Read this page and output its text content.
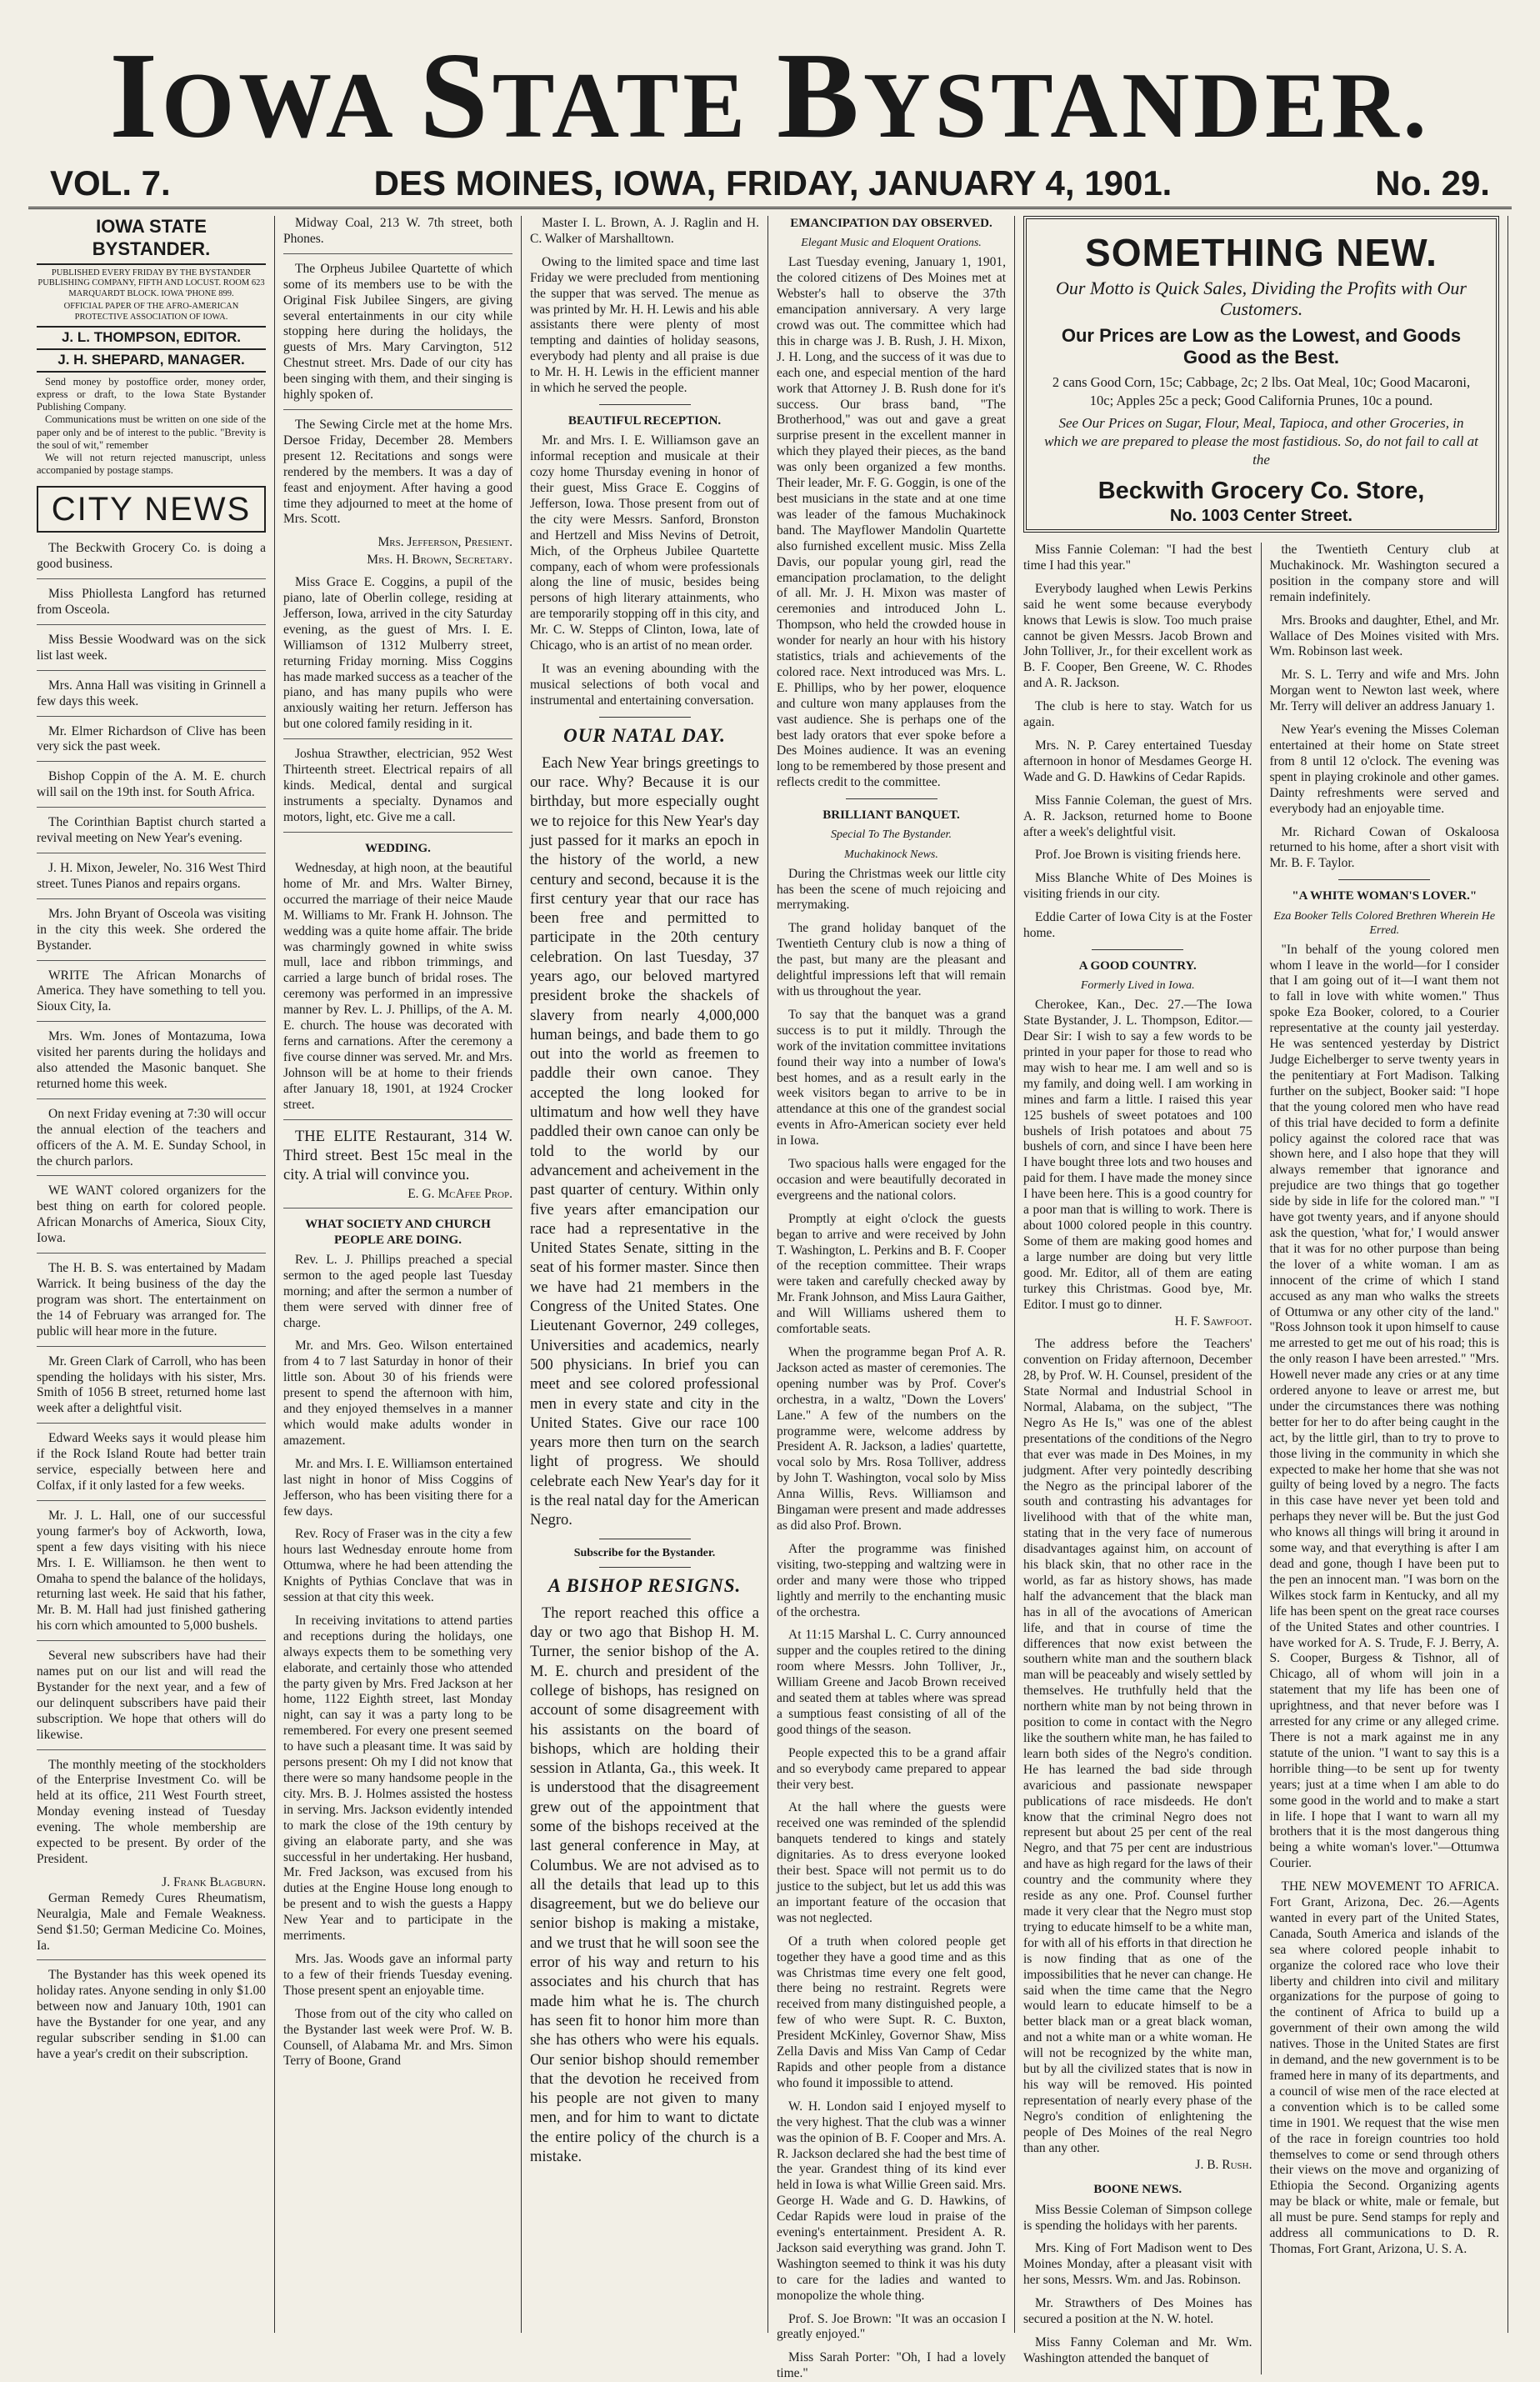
IOWA STATE BYSTANDER.
VOL. 7.	DES MOINES, IOWA, FRIDAY, JANUARY 4, 1901.	No. 29.
IOWA STATE BYSTANDER.
PUBLISHED EVERY FRIDAY BY THE BYSTANDER PUBLISHING COMPANY, FIFTH AND LOCUST. ROOM 623 MARQUARDT BLOCK. IOWA 'PHONE 899.
OFFICIAL PAPER OF THE AFRO-AMERICAN PROTECTIVE ASSOCIATION OF IOWA.
J. L. THOMPSON, EDITOR.
J. H. SHEPARD, MANAGER.

Send money by postoffice order, money order, express or draft, to the Iowa State Bystander Publishing Company.

Communications must be written on one side of the paper only and be of interest to the public. "Brevity is the soul of wit," remember

We will not return rejected manuscript, unless accompanied by postage stamps.

CITY NEWS

The Beckwith Grocery Co. is doing a good business.

Miss Phiollesta Langford has returned from Osceola.

Miss Bessie Woodward was on the sick list last week.

Mrs. Anna Hall was visiting in Grinnell a few days this week.

Mr. Elmer Richardson of Clive has been very sick the past week.

Bishop Coppin of the A. M. E. church will sail on the 19th inst. for South Africa.

The Corinthian Baptist church started a revival meeting on New Year's evening.

J. H. Mixon, Jeweler, No. 316 West Third street. Tunes Pianos and repairs organs.

Mrs. John Bryant of Osceola was visiting in the city this week. She ordered the Bystander.

WRITE The African Monarchs of America. They have something to tell you. Sioux City, Ia.

Mrs. Wm. Jones of Montazuma, Iowa visited her parents during the holidays and also attended the Masonic banquet. She returned home this week.

On next Friday evening at 7:30 will occur the annual election of the teachers and officers of the A. M. E. Sunday School, in the church parlors.

WE WANT colored organizers for the best thing on earth for colored people. African Monarchs of America, Sioux City, Iowa.

The H. B. S. was entertained by Madam Warrick. It being business of the day the program was short. The entertainment on the 14 of February was arranged for. The public will hear more in the future.

Mr. Green Clark of Carroll, who has been spending the holidays with his sister, Mrs. Smith of 1056 B street, returned home last week after a delightful visit.

Edward Weeks says it would please him if the Rock Island Route had better train service, especially between here and Colfax, if it only lasted for a few weeks.

Mr. J. L. Hall, one of our successful young farmer's boy of Ackworth, Iowa, spent a few days visiting with his niece Mrs. I. E. Williamson. he then went to Omaha to spend the balance of the holidays, returning last week. He said that his father, Mr. B. M. Hall had just finished gathering his corn which amounted to 5,000 bushels.

Several new subscribers have had their names put on our list and will read the Bystander for the next year, and a few of our delinquent subscribers have paid their subscription. We hope that others will do likewise.

The monthly meeting of the stockholders of the Enterprise Investment Co. will be held at its office, 211 West Fourth street, Monday evening instead of Tuesday evening. The whole membership are expected to be present. By order of the President.

J. Frank Blagburn.

German Remedy Cures Rheumatism, Neuralgia, Male and Female Weakness. Send $1.50; German Medicine Co. Moines, Ia.

The Bystander has this week opened its holiday rates. Anyone sending in only $1.00 between now and January 10th, 1901 can have the Bystander for one year, and any regular subscriber sending in $1.00 can have a year's credit on their subscription.

Midway Coal, 213 W. 7th street, both Phones.

The Orpheus Jubilee Quartette of which some of its members use to be with the Original Fisk Jubilee Singers, are giving several entertainments in our city while stopping here during the holidays, the guests of Mrs. Mary Carvington, 512 Chestnut street. Mrs. Dade of our city has been singing with them, and their singing is highly spoken of.

The Sewing Circle met at the home Mrs. Dersoe Friday, December 28. Members present 12. Recitations and songs were rendered by the members. It was a day of feast and enjoyment. After having a good time they adjourned to meet at the home of Mrs. Scott.

Mrs. Jefferson, Presient.

Mrs. H. Brown, Secretary.

Miss Grace E. Coggins, a pupil of the piano, late of Oberlin college, residing at Jefferson, Iowa, arrived in the city Saturday evening, as the guest of Mrs. I. E. Williamson of 1312 Mulberry street, returning Friday morning. Miss Coggins has made marked success as a teacher of the piano, and has many pupils who were anxiously waiting her return. Jefferson has but one colored family residing in it.

Joshua Strawther, electrician, 952 West Thirteenth street. Electrical repairs of all kinds. Medical, dental and surgical instruments a specialty. Dynamos and motors, light, etc. Give me a call.

WEDDING.

Wednesday, at high noon, at the beautiful home of Mr. and Mrs. Walter Birney, occurred the marriage of their neice Maude M. Williams to Mr. Frank H. Johnson. The wedding was a quite home affair. The bride was charmingly gowned in white swiss mull, lace and ribbon trimmings, and carried a large bunch of bridal roses. The ceremony was performed in an impressive manner by Rev. L. J. Phillips, of the A. M. E. church. The house was decorated with ferns and carnations. After the ceremony a five course dinner was served. Mr. and Mrs. Johnson will be at home to their friends after January 18, 1901, at 1924 Crocker street.

THE ELITE Restaurant, 314 W. Third street. Best 15c meal in the city. A trial will convince you.

E. G. McAfee Prop.

WHAT SOCIETY AND CHURCH PEOPLE ARE DOING.

Rev. L. J. Phillips preached a special sermon to the aged people last Tuesday morning; and after the sermon a number of them were served with dinner free of charge.

Mr. and Mrs. Geo. Wilson entertained from 4 to 7 last Saturday in honor of their little son. About 30 of his friends were present to spend the afternoon with him, and they enjoyed themselves in a manner which would make adults wonder in amazement.

Mr. and Mrs. I. E. Williamson entertained last night in honor of Miss Coggins of Jefferson, who has been visiting there for a few days.

Rev. Rocy of Fraser was in the city a few hours last Wednesday enroute home from Ottumwa, where he had been attending the Knights of Pythias Conclave that was in session at that city this week.

In receiving invitations to attend parties and receptions during the holidays, one always expects them to be something very elaborate, and certainly those who attended the party given by Mrs. Fred Jackson at her home, 1122 Eighth street, last Monday night, can say it was a party long to be remembered. For every one present seemed to have such a pleasant time. It was said by persons present: Oh my I did not know that there were so many handsome people in the city. Mrs. B. J. Holmes assisted the hostess in serving. Mrs. Jackson evidently intended to mark the close of the 19th century by giving an elaborate party, and she was successful in her undertaking. Her husband, Mr. Fred Jackson, was excused from his duties at the Engine House long enough to be present and to wish the guests a Happy New Year and to participate in the merriments.

Mrs. Jas. Woods gave an informal party to a few of their friends Tuesday evening. Those present spent an enjoyable time.

Those from out of the city who called on the Bystander last week were Prof. W. B. Counsell, of Alabama Mr. and Mrs. Simon Terry of Boone, Grand

Master I. L. Brown, A. J. Raglin and H. C. Walker of Marshalltown.

Owing to the limited space and time last Friday we were precluded from mentioning the supper that was served. The menue as was printed by Mr. H. H. Lewis and his able assistants there were plenty of most tempting and dainties of holiday seasons, everybody had plenty and all praise is due to Mr. H. H. Lewis in the efficient manner in which he served the people.

BEAUTIFUL RECEPTION.

Mr. and Mrs. I. E. Williamson gave an informal reception and musicale at their cozy home Thursday evening in honor of their guest, Miss Grace E. Coggins of Jefferson, Iowa. Those present from out of the city were Messrs. Sanford, Bronston and Hertzell and Miss Nevins of Detroit, Mich, of the Orpheus Jubilee Quartette company, each of whom were professionals along the line of music, besides being persons of high literary attainments, who are temporarily stopping off in this city, and Mr. C. W. Stepps of Clinton, Iowa, late of Chicago, who is an artist of no mean order.

It was an evening abounding with the musical selections of both vocal and instrumental and entertaining conversation.

OUR NATAL DAY.

Each New Year brings greetings to our race. Why? Because it is our birthday, but more especially ought we to rejoice for this New Year's day just passed for it marks an epoch in the history of the world, a new century and second, because it is the first century year that our race has been free and permitted to participate in the 20th century celebration. On last Tuesday, 37 years ago, our beloved martyred president broke the shackels of slavery from nearly 4,000,000 human beings, and bade them to go out into the world as freemen to paddle their own canoe. They accepted the long looked for ultimatum and how well they have paddled their own canoe can only be told to the world by our advancement and acheivement in the past quarter of century. Within only five years after emancipation our race had a representative in the United States Senate, sitting in the seat of his former master. Since then we have had 21 members in the Congress of the United States. One Lieutenant Governor, 249 colleges, Universities and academics, nearly 500 physicians. In brief you can meet and see colored professional men in every state and city in the United States. Give our race 100 years more then turn on the search light of progress. We should celebrate each New Year's day for it is the real natal day for the American Negro.

Subscribe for the Bystander.

A BISHOP RESIGNS.

The report reached this office a day or two ago that Bishop H. M. Turner, the senior bishop of the A. M. E. church and president of the college of bishops, has resigned on account of some disagreement with his assistants on the board of bishops, which are holding their session in Atlanta, Ga., this week. It is understood that the disagreement grew out of the appointment that some of the bishops received at the last general conference in May, at Columbus. We are not advised as to all the details that lead up to this disagreement, but we do believe our senior bishop is making a mistake, and we trust that he will soon see the error of his way and return to his associates and his church that has made him what he is. The church has seen fit to honor him more than she has others who were his equals. Our senior bishop should remember that the devotion he received from his people are not given to many men, and for him to want to dictate the entire policy of the church is a mistake.

EMANCIPATION DAY OBSERVED.

Elegant Music and Eloquent Orations.

Last Tuesday evening, January 1, 1901, the colored citizens of Des Moines met at Webster's hall to observe the 37th emancipation anniversary. A very large crowd was out. The committee which had this in charge was J. B. Rush, J. H. Mixon, J. H. Long, and the success of it was due to each one, and especial mention of the hard work that Attorney J. B. Rush done for it's success. Our brass band, "The Brotherhood," was out and gave a great surprise present in the excellent manner in which they played their pieces, as the band was only been organized a few months. Their leader, Mr. F. G. Goggin, is one of the best musicians in the state and at one time was leader of the famous Muchakinock band. The Mayflower Mandolin Quartette also furnished excellent music. Miss Zella Davis, our popular young girl, read the emancipation proclamation, to the delight of all. Mr. J. H. Mixon was master of ceremonies and introduced John L. Thompson, who held the crowded house in wonder for nearly an hour with his history statistics, trials and achievements of the colored race. Next introduced was Mrs. L. E. Phillips, who by her power, eloquence and culture won many applauses from the vast audience. She is perhaps one of the best lady orators that ever spoke before a Des Moines audience. It was an evening long to be remembered by those present and reflects credit to the committee.

BRILLIANT BANQUET.

Special To The Bystander.

Muchakinock News.

During the Christmas week our little city has been the scene of much rejoicing and merrymaking.

The grand holiday banquet of the Twentieth Century club is now a thing of the past, but many are the pleasant and delightful impressions left that will remain with us throughout the year.

To say that the banquet was a grand success is to put it mildly. Through the work of the invitation committee invitations found their way into a number of Iowa's best homes, and as a result early in the week visitors began to arrive to be in attendance at this one of the grandest social events in Afro-American society ever held in Iowa.

Two spacious halls were engaged for the occasion and were beautifully decorated in evergreens and the national colors.

Promptly at eight o'clock the guests began to arrive and were received by John T. Washington, L. Perkins and B. F. Cooper of the reception committee. Their wraps were taken and carefully checked away by Mr. Frank Johnson, and Miss Laura Gaither, and Will Williams ushered them to comfortable seats.

When the programme began Prof A. R. Jackson acted as master of ceremonies. The opening number was by Prof. Cover's orchestra, in a waltz, "Down the Lovers' Lane." A few of the numbers on the programme were, welcome address by President A. R. Jackson, a ladies' quartette, vocal solo by Mrs. Rosa Tolliver, address by John T. Washington, vocal solo by Miss Anna Willis, Revs. Williamson and Bingaman were present and made addresses as did also Prof. Brown.

After the programme was finished visiting, two-stepping and waltzing were in order and many were those who tripped lightly and merrily to the enchanting music of the orchestra.

At 11:15 Marshal L. C. Curry announced supper and the couples retired to the dining room where Messrs. John Tolliver, Jr., William Greene and Jacob Brown received and seated them at tables where was spread a sumptious feast consisting of all of the good things of the season.

People expected this to be a grand affair and so everybody came prepared to appear their very best.

At the hall where the guests were received one was reminded of the splendid banquets tendered to kings and stately dignitaries. As to dress everyone looked their best. Space will not permit us to do justice to the subject, but let us add this was an important feature of the occasion that was not neglected.

Of a truth when colored people get together they have a good time and as this was Christmas time every one felt good, there being no restraint. Regrets were received from many distinguished people, a few of who were Supt. R. C. Buxton, President McKinley, Governor Shaw, Miss Zella Davis and Miss Van Camp of Cedar Rapids and other people from a distance who found it impossible to attend.

W. H. London said I enjoyed myself to the very highest. That the club was a winner was the opinion of B. F. Cooper and Mrs. A. R. Jackson declared she had the best time of the year. Grandest thing of its kind ever held in Iowa is what Willie Green said. Mrs. George H. Wade and G. D. Hawkins, of Cedar Rapids were loud in praise of the evening's entertainment. President A. R. Jackson said everything was grand. John T. Washington seemed to think it was his duty to care for the ladies and wanted to monopolize the whole thing.

Prof. S. Joe Brown: "It was an occasion I greatly enjoyed."

Miss Sarah Porter: "Oh, I had a lovely time."

SOMETHING NEW.
Our Motto is Quick Sales, Dividing the Profits with Our Customers.
Our Prices are Low as the Lowest, and Goods Good as the Best.
2 cans Good Corn, 15c; Cabbage, 2c; 2 lbs. Oat Meal, 10c; Good Macaroni, 10c; Apples 25c a peck; Good California Prunes, 10c a pound.
See Our Prices on Sugar, Flour, Meal, Tapioca, and other Groceries, in which we are prepared to please the most fastidious. So, do not fail to call at the
Beckwith Grocery Co. Store,
No. 1003 Center Street.

Miss Fannie Coleman: "I had the best time I had this year."

Everybody laughed when Lewis Perkins said he went some because everybody knows that Lewis is slow. Too much praise cannot be given Messrs. Jacob Brown and John Tolliver, Jr., for their excellent work as B. F. Cooper, Ben Greene, W. C. Rhodes and A. R. Jackson.

The club is here to stay. Watch for us again.

Mrs. N. P. Carey entertained Tuesday afternoon in honor of Mesdames George H. Wade and G. D. Hawkins of Cedar Rapids.

Miss Fannie Coleman, the guest of Mrs. A. R. Jackson, returned home to Boone after a week's delightful visit.

Prof. Joe Brown is visiting friends here.

Miss Blanche White of Des Moines is visiting friends in our city.

Eddie Carter of Iowa City is at the Foster home.

A GOOD COUNTRY.

Formerly Lived in Iowa.

Cherokee, Kan., Dec. 27.—The Iowa State Bystander, J. L. Thompson, Editor.—Dear Sir: I wish to say a few words to be printed in your paper for those to read who may wish to hear me. I am well and so is my family, and doing well. I am working in mines and farm a little. I raised this year 125 bushels of sweet potatoes and 100 bushels of Irish potatoes and about 75 bushels of corn, and since I have been here I have bought three lots and two houses and paid for them. I have made the money since I have been here. This is a good country for a poor man that is willing to work. There is about 1000 colored people in this country. Some of them are making good homes and a large number are doing but very little good. Mr. Editor, all of them are eating turkey this Christmas. Good bye, Mr. Editor. I must go to dinner.

H. F. Sawfoot.

The address before the Teachers' convention on Friday afternoon, December 28, by Prof. W. H. Counsel, president of the State Normal and Industrial School in Normal, Alabama, on the subject, "The Negro As He Is," was one of the ablest presentations of the conditions of the Negro that ever was made in Des Moines, in my judgment. After very pointedly describing the Negro as the principal laborer of the south and contrasting his advantages for livelihood with that of the white man, stating that in the very face of numerous disadvantages against him, on account of his black skin, that no other race in the world, as far as history shows, has made half the advancement that the black man has in all of the avocations of American life, and that in course of time the differences that now exist between the southern white man and the southern black man will be peaceably and wisely settled by themselves. He truthfully held that the northern white man by not being thrown in position to come in contact with the Negro like the southern white man, he has failed to learn both sides of the Negro's condition. He has learned the bad side through avaricious and passionate newspaper publications of race misdeeds. He don't know that the criminal Negro does not represent but about 25 per cent of the real Negro, and that 75 per cent are industrious and have as high regard for the laws of their country and the community where they reside as any one. Prof. Counsel further made it very clear that the Negro must stop trying to educate himself to be a white man, for with all of his efforts in that direction he is now finding that as one of the impossibilities that he never can change. He said when the time came that the Negro would learn to educate himself to be a better black man or a great black woman, and not a white man or a white woman. He will not be recognized by the white man, but by all the civilized states that is now in his way will be removed. His pointed representation of nearly every phase of the Negro's condition of enlightening the people of Des Moines of the real Negro than any other.

J. B. Rush.

BOONE NEWS.

Miss Bessie Coleman of Simpson college is spending the holidays with her parents.

Mrs. King of Fort Madison went to Des Moines Monday, after a pleasant visit with her sons, Messrs. Wm. and Jas. Robinson.

Mr. Strawthers of Des Moines has secured a position at the N. W. hotel.

Miss Fanny Coleman and Mr. Wm. Washington attended the banquet of

the Twentieth Century club at Muchakinock. Mr. Washington secured a position in the company store and will remain indefinitely.

Mrs. Brooks and daughter, Ethel, and Mr. Wallace of Des Moines visited with Mrs. Wm. Robinson last week.

Mr. S. L. Terry and wife and Mrs. John Morgan went to Newton last week, where Mr. Terry will deliver an address January 1.

New Year's evening the Misses Coleman entertained at their home on State street from 8 until 12 o'clock. The evening was spent in playing crokinole and other games. Dainty refreshments were served and everybody had an enjoyable time.

Mr. Richard Cowan of Oskaloosa returned to his home, after a short visit with Mr. B. F. Taylor.

"A WHITE WOMAN'S LOVER."

Eza Booker Tells Colored Brethren Wherein He Erred.

"In behalf of the young colored men whom I leave in the world—for I consider that I am going out of it—I want them not to fall in love with white women." Thus spoke Eza Booker, colored, to a Courier representative at the county jail yesterday. He was sentenced yesterday by District Judge Eichelberger to serve twenty years in the penitentiary at Fort Madison. Talking further on the subject, Booker said: "I hope that the young colored men who have read of this trial have decided to form a definite policy against the colored race that was shown here, and I also hope that they will always remember that ignorance and prejudice are two things that go together side by side in life for the colored man." "I have got twenty years, and if anyone should ask the question, 'what for,' I would answer that it was for no other purpose than being the lover of a white woman. I am as innocent of the crime of which I stand accused as any man who walks the streets of Ottumwa or any other city of the land." "Ross Johnson took it upon himself to cause me arrested to get me out of his road; this is the only reason I have been arrested." "Mrs. Howell never made any cries or at any time ordered anyone to leave or arrest me, but under the circumstances there was nothing better for her to do after being caught in the act, by the little girl, than to try to prove to those living in the community in which she expected to make her home that she was not guilty of being loved by a negro. The facts in this case have never yet been told and perhaps they never will be. But the just God who knows all things will bring it around in some way, and that everything is after I am dead and gone, though I have been put to the pen an innocent man. "I was born on the Wilkes stock farm in Kentucky, and all my life has been spent on the great race courses of the United States and other countries. I have worked for A. S. Trude, F. J. Berry, A. S. Cooper, Burgess & Tishnor, all of Chicago, all of whom will join in a statement that my life has been one of uprightness, and that never before was I arrested for any crime or any alleged crime. There is not a mark against me in any statute of the union. "I want to say this is a horrible thing—to be sent up for twenty years; just at a time when I am able to do some good in the world and to make a start in life. I hope that I want to warn all my brothers that it is the most dangerous thing being a white woman's lover."—Ottumwa Courier.

THE NEW MOVEMENT TO AFRICA. Fort Grant, Arizona, Dec. 26.—Agents wanted in every part of the United States, Canada, South America and islands of the sea where colored people inhabit to organize the colored race who love their liberty and children into civil and military organizations for the purpose of going to the continent of Africa to build up a government of their own among the wild natives. Those in the United States are first in demand, and the new government is to be framed here in many of its departments, and a council of wise men of the race elected at a convention which is to be called some time in 1901. We request that the wise men of the race in foreign countries too hold themselves to come or send through others their views on the move and organizing of Ethiopia the Second. Organizing agents may be black or white, male or female, but all must be pure. Send stamps for reply and address all communications to D. R. Thomas, Fort Grant, Arizona, U. S. A.
